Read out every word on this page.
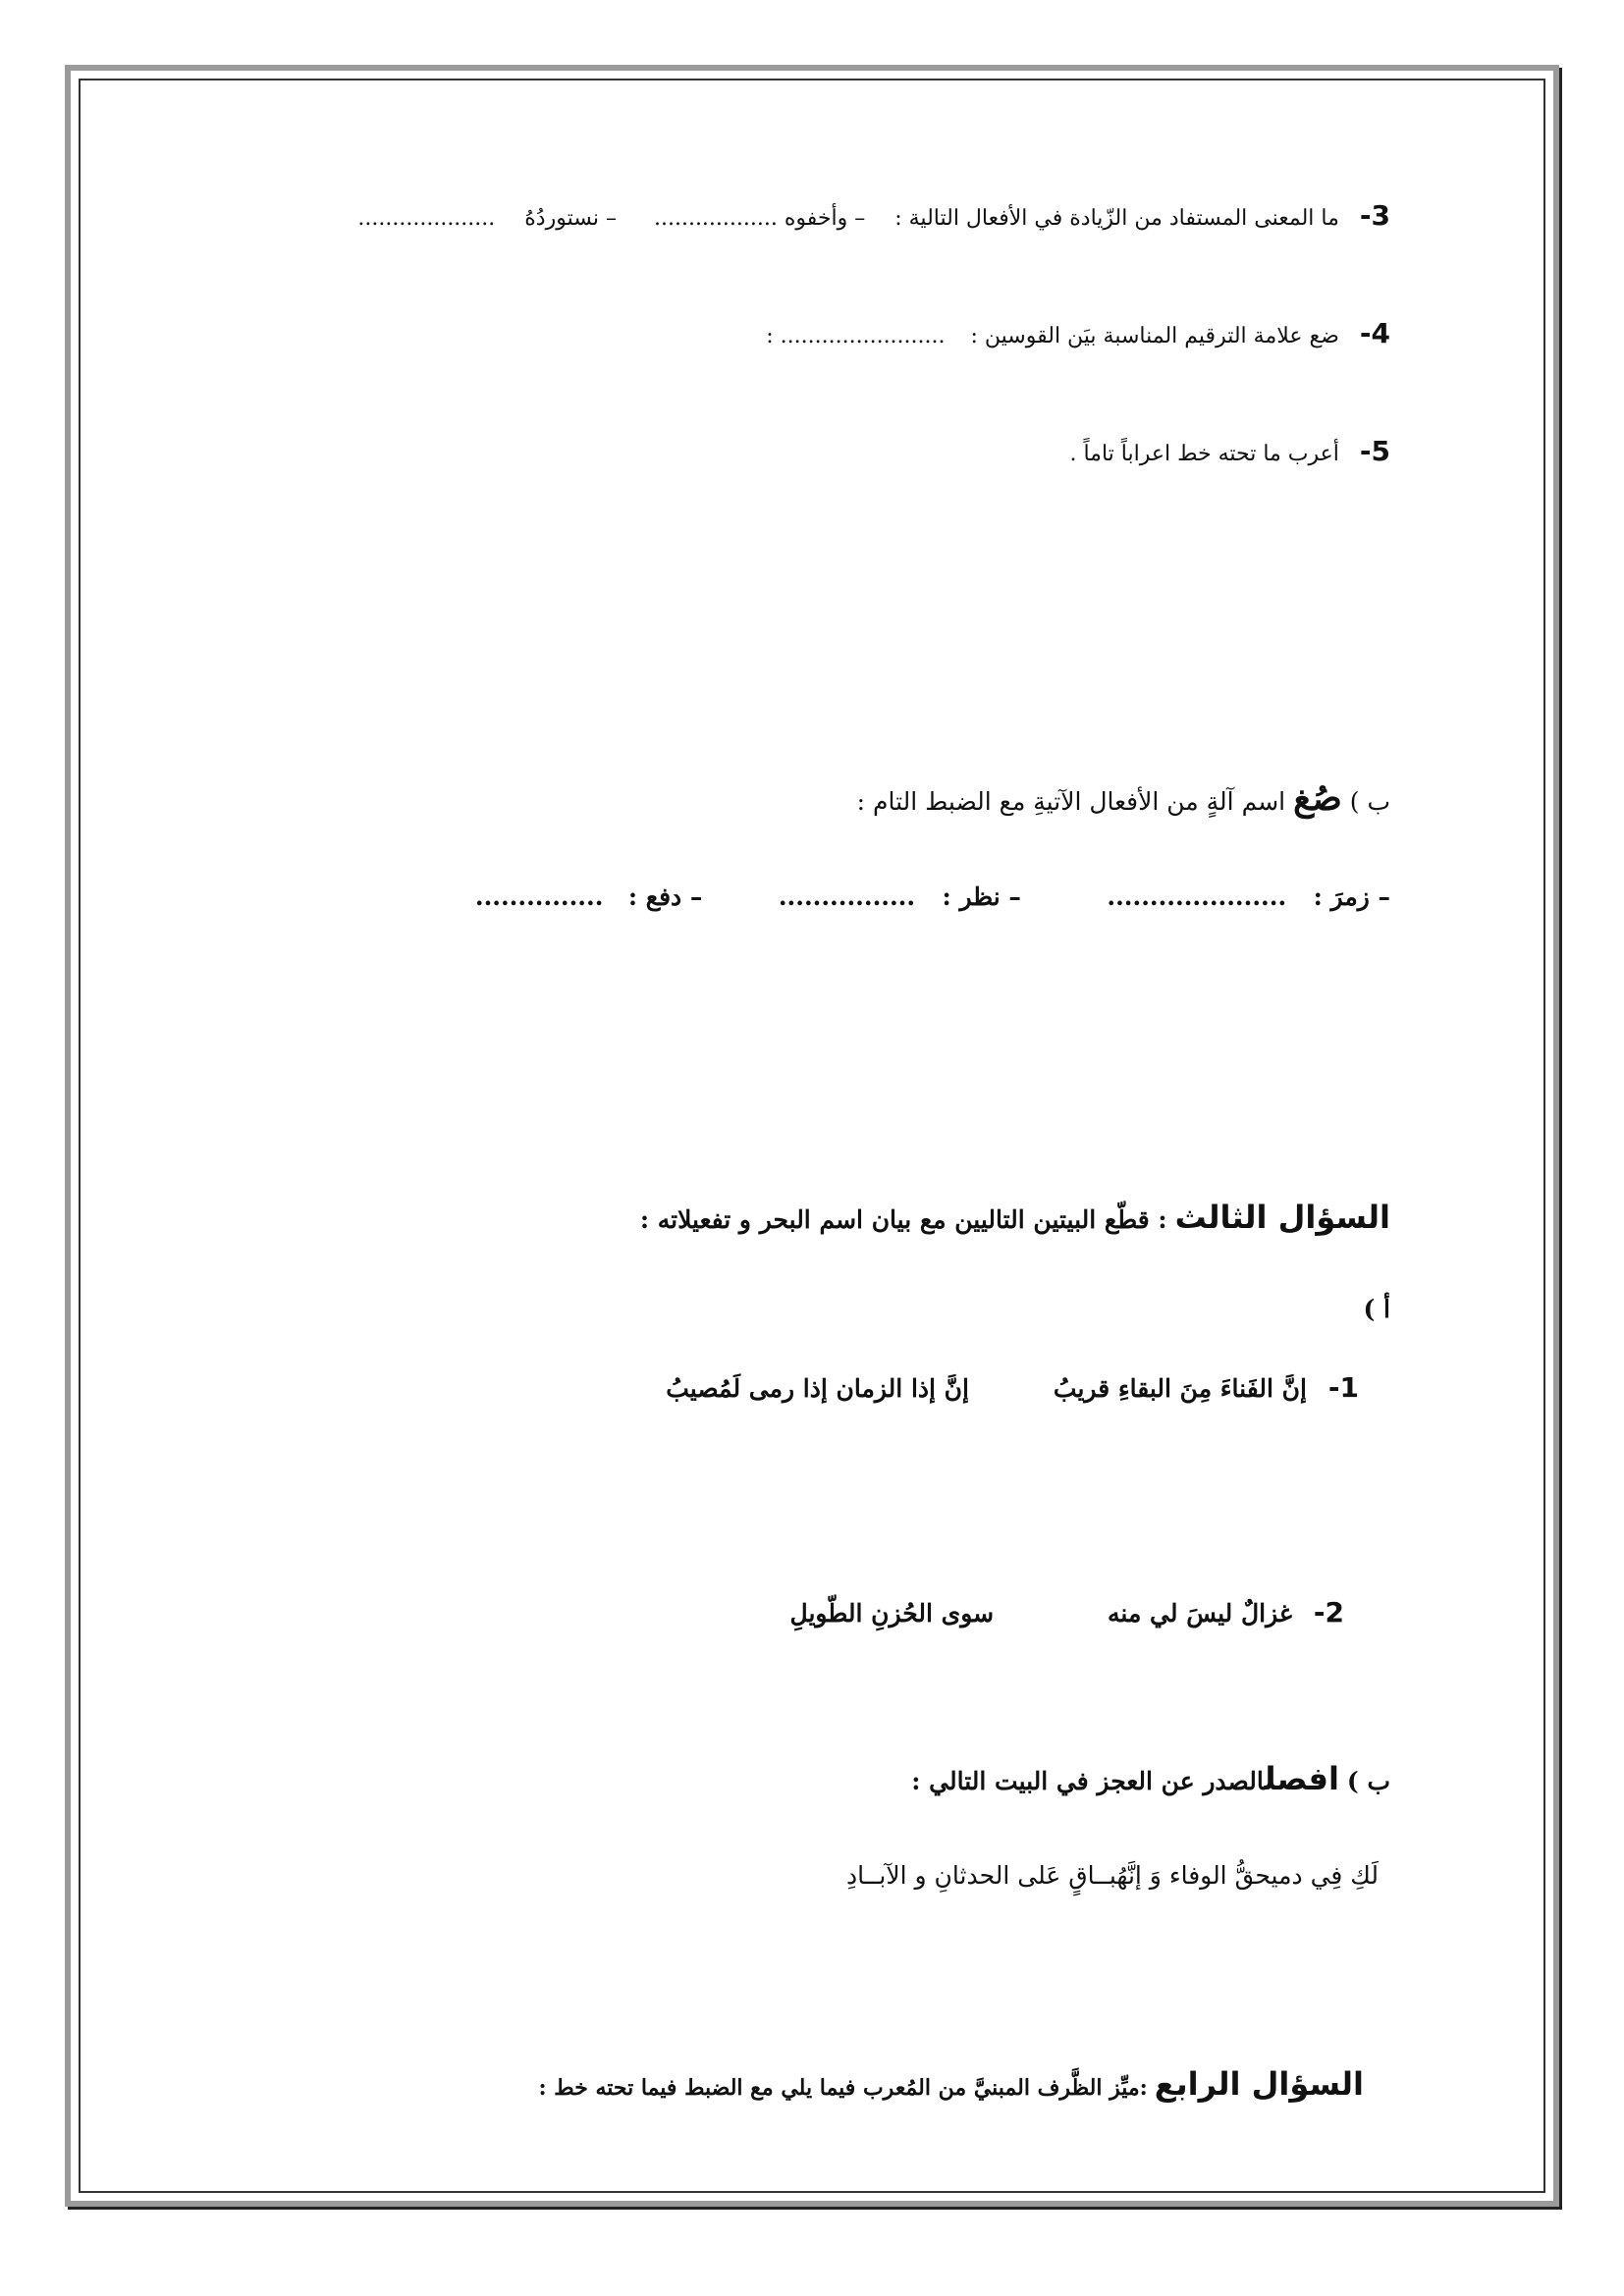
3- ما المعنى المستفاد من الزّيادة في الأفعال التالية :  – وأخفوه ..................  – نستوردُهُ  ....................
4- ضع علامة الترقيم المناسبة بيَن القوسين :  ........................ :
5- أعرب ما تحته خط اعراباً تاماً .
ب ) صُغ اسم آلةٍ من الأفعال الآتيةِ مع الضبط التام :
– زمرَ :  .....................  – نظر :  ................  – دفع :  ...............
السؤال الثالث : قطّع البيتين التاليين مع بيان اسم البحر و تفعيلاته :
أ )
1- إنَّ الفَناءَ مِنَ البقاءِ قريبُ  إنَّ إذا الزمان إذا رمى لَمُصيبُ
2- غزالٌ ليسَ لي منه  سوى الحُزنِ الطّويلِ
ب ) افصلالصدر عن العجز في البيت التالي :
لَكِ فِي دميحقُّ الوفاء وَ إنَّهُبــاقٍ عَلى الحدثانِ و الآبــادِ
السؤال الرابع :ميِّز الظَّرف المبنيَّ من المُعرب فيما يلي مع الضبط فيما تحته خط :
